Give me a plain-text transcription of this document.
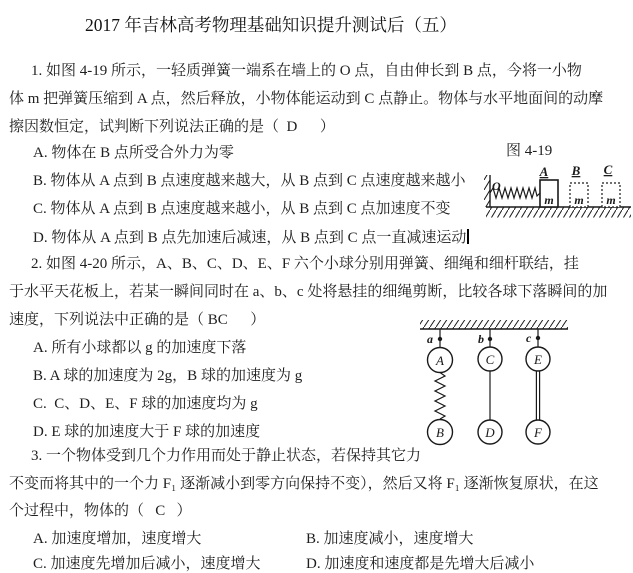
2017 年吉林高考物理基础知识提升测试后（五）
1. 如图 4-19 所示，一轻质弹簧一端系在墙上的 O 点，自由伸长到 B 点，今将一小物
体 m 把弹簧压缩到 A 点，然后释放，小物体能运动到 C 点静止。物体与水平地面间的动摩
擦因数恒定，试判断下列说法正确的是（  D      ）
A. 物体在 B 点所受合外力为零
B. 物体从 A 点到 B 点速度越来越大，从 B 点到 C 点速度越来越小
C. 物体从 A 点到 B 点速度越来越小，从 B 点到 C 点加速度不变
D. 物体从 A 点到 B 点先加速后减速，从 B 点到 C 点一直减速运动
图 4-19
O
A B C
m m m
2. 如图 4-20 所示，A、B、C、D、E、F 六个小球分别用弹簧、细绳和细杆联结，挂
于水平天花板上，若某一瞬间同时在 a、b、c 处将悬挂的细绳剪断，比较各球下落瞬间的加
速度，下列说法中正确的是（ BC      ）
A. 所有小球都以 g 的加速度下落
B. A 球的加速度为 2g，B 球的加速度为 g
C.  C、D、E、F 球的加速度均为 g
D. E 球的加速度大于 F 球的加速度
a
A
B
b
C
D
c
E
F
3. 一个物体受到几个力作用而处于静止状态，若保持其它力
不变而将其中的一个力 F₁ 逐渐减小到零方向保持不变），然后又将 F₁ 逐渐恢复原状，在这
个过程中，物体的（   C   ）
A. 加速度增加，速度增大	B. 加速度减小，速度增大
C. 加速度先增加后减小，速度增大	D. 加速度和速度都是先增大后减小
